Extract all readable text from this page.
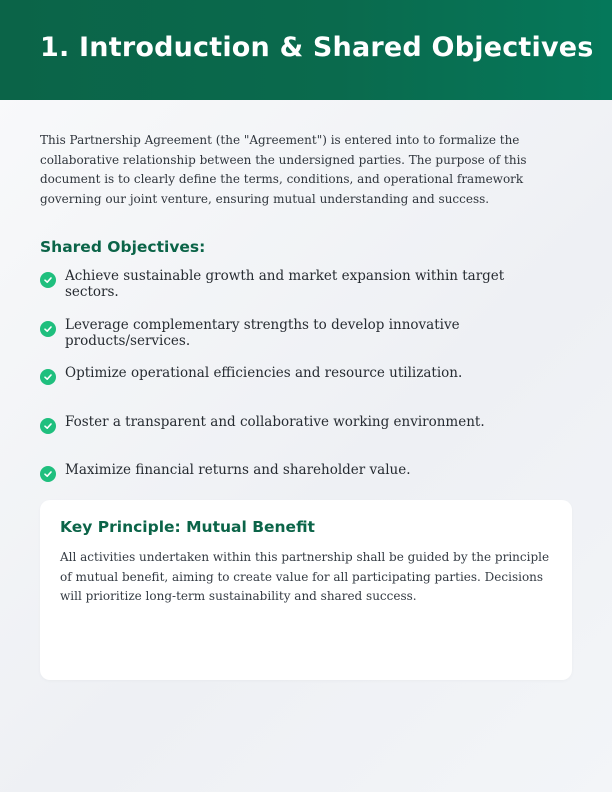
1. Introduction & Shared Objectives

This Partnership Agreement (the "Agreement") is entered into to formalize the collaborative relationship between the undersigned parties. The purpose of this document is to clearly define the terms, conditions, and operational framework governing our joint venture, ensuring mutual understanding and success.

Shared Objectives:
Achieve sustainable growth and market expansion within target sectors.
Leverage complementary strengths to develop innovative products/services.
Optimize operational efficiencies and resource utilization.
Foster a transparent and collaborative working environment.
Maximize financial returns and shareholder value.
Key Principle: Mutual Benefit

All activities undertaken within this partnership shall be guided by the principle of mutual benefit, aiming to create value for all participating parties. Decisions will prioritize long-term sustainability and shared success.
